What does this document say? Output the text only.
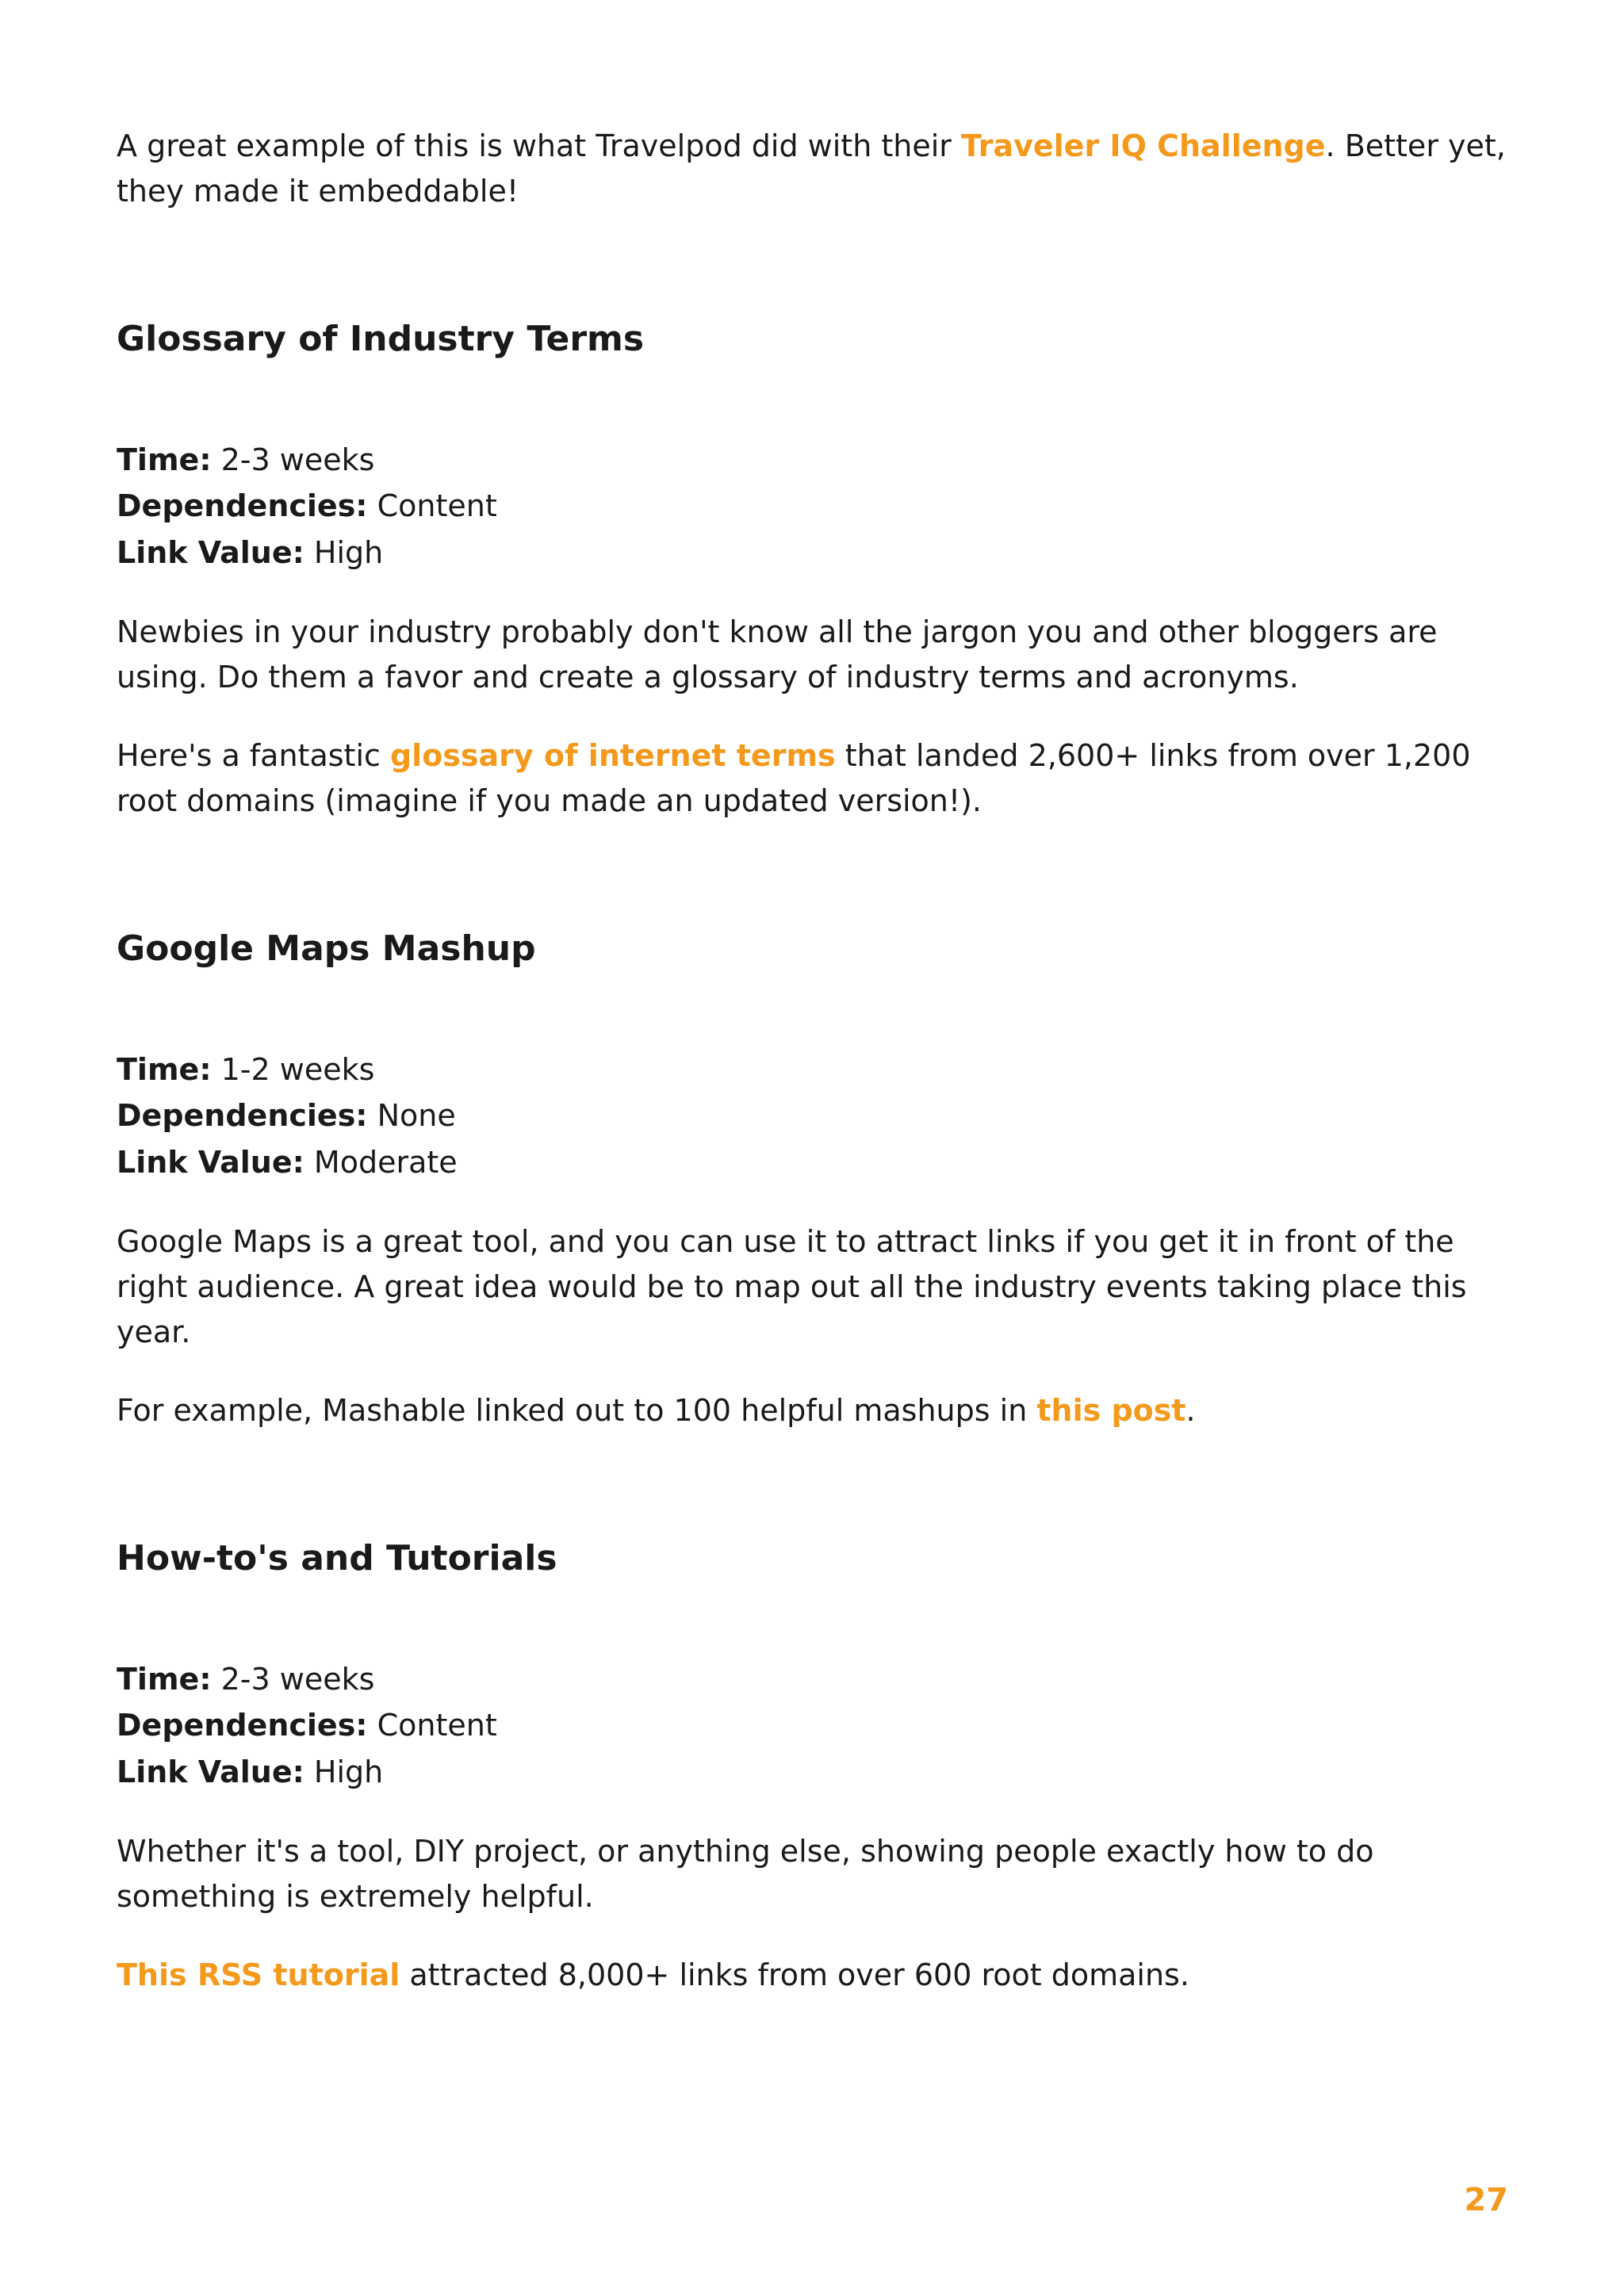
A great example of this is what Travelpod did with their Traveler IQ Challenge. Better yet, they made it embeddable!

Glossary of Industry Terms

Time: 2-3 weeks

Dependencies: Content

Link Value: High

Newbies in your industry probably don't know all the jargon you and other bloggers are using. Do them a favor and create a glossary of industry terms and acronyms.

Here's a fantastic glossary of internet terms that landed 2,600+ links from over 1,200 root domains (imagine if you made an updated version!).

Google Maps Mashup

Time: 1-2 weeks

Dependencies: None

Link Value: Moderate

Google Maps is a great tool, and you can use it to attract links if you get it in front of the right audience. A great idea would be to map out all the industry events taking place this year.

For example, Mashable linked out to 100 helpful mashups in this post.

How-to's and Tutorials

Time: 2-3 weeks

Dependencies: Content

Link Value: High

Whether it's a tool, DIY project, or anything else, showing people exactly how to do something is extremely helpful.

This RSS tutorial attracted 8,000+ links from over 600 root domains.

27
